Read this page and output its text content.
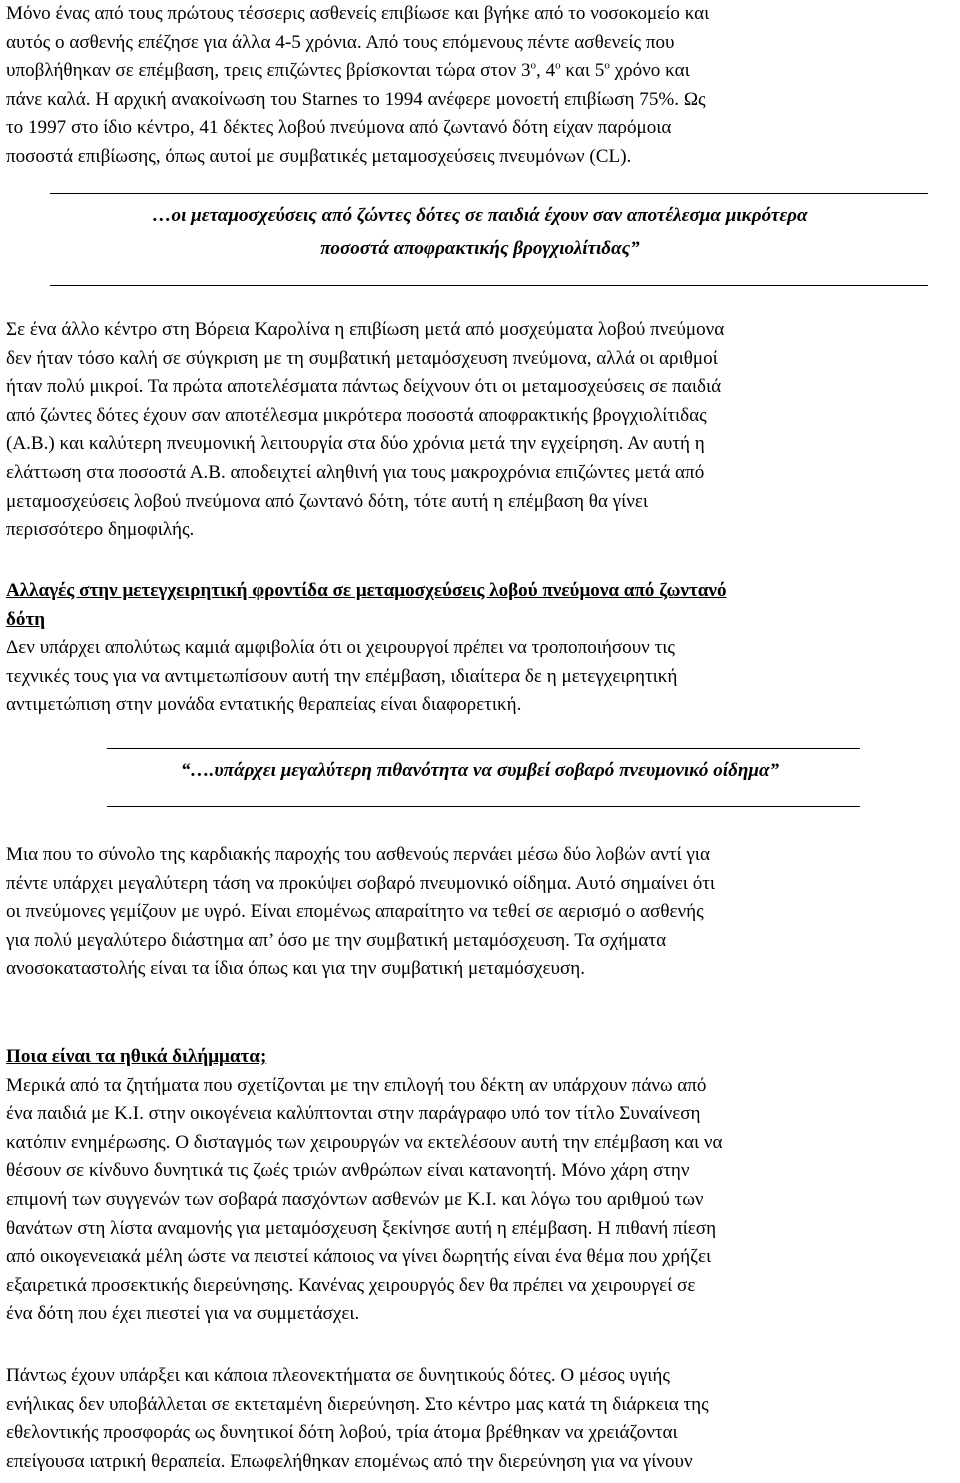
Μόνο ένας από τους πρώτους τέσσερις ασθενείς επιβίωσε και βγήκε από το νοσοκομείο και

αυτός ο ασθενής επέζησε για άλλα 4-5 χρόνια. Από τους επόμενους πέντε ασθενείς που

υποβλήθηκαν σε επέμβαση, τρεις επιζώντες βρίσκονται τώρα στον $3^o$, $4^o$ και $5^o$ χρόνο και

πάνε καλά. Η αρχική ανακοίνωση του Starnes το 1994 ανέφερε μονοετή επιβίωση 75%. Ως

το 1997 στο ίδιο κέντρο, 41 δέκτες λοβού πνεύμονα από ζωντανό δότη είχαν παρόμοια

ποσοστά επιβίωσης, όπως αυτοί με συμβατικές μεταμοσχεύσεις πνευμόνων (CL).

…οι μεταμοσχεύσεις από ζώντες δότες σε παιδιά έχουν σαν αποτέλεσμα μικρότερα

ποσοστά αποφρακτικής βρογχιολίτιδας”

Σε ένα άλλο κέντρο στη Βόρεια Καρολίνα η επιβίωση μετά από μοσχεύματα λοβού πνεύμονα

δεν ήταν τόσο καλή σε σύγκριση με τη συμβατική μεταμόσχευση πνεύμονα, αλλά οι αριθμοί

ήταν πολύ μικροί. Τα πρώτα αποτελέσματα πάντως δείχνουν ότι οι μεταμοσχεύσεις σε παιδιά

από ζώντες δότες έχουν σαν αποτέλεσμα μικρότερα ποσοστά αποφρακτικής βρογχιολίτιδας

(Α.Β.) και καλύτερη πνευμονική λειτουργία στα δύο χρόνια μετά την εγχείρηση. Αν αυτή η

ελάττωση στα ποσοστά Α.Β. αποδειχτεί αληθινή για τους μακροχρόνια επιζώντες μετά από

μεταμοσχεύσεις λοβού πνεύμονα από ζωντανό δότη, τότε αυτή η επέμβαση θα γίνει

περισσότερο δημοφιλής.

Αλλαγές στην μετεγχειρητική φροντίδα σε μεταμοσχεύσεις λοβού πνεύμονα από ζωντανό

δότη

Δεν υπάρχει απολύτως καμιά αμφιβολία ότι οι χειρουργοί πρέπει να τροποποιήσουν τις

τεχνικές τους για να αντιμετωπίσουν αυτή την επέμβαση, ιδιαίτερα δε η μετεγχειρητική

αντιμετώπιση στην μονάδα εντατικής θεραπείας είναι διαφορετική.

“….υπάρχει μεγαλύτερη πιθανότητα να συμβεί σοβαρό πνευμονικό οίδημα”

Μια που το σύνολο της καρδιακής παροχής του ασθενούς περνάει μέσω δύο λοβών αντί για

πέντε υπάρχει μεγαλύτερη τάση να προκύψει σοβαρό πνευμονικό οίδημα. Αυτό σημαίνει ότι

οι πνεύμονες γεμίζουν με υγρό. Είναι επομένως απαραίτητο να τεθεί σε αερισμό ο ασθενής

για πολύ μεγαλύτερο διάστημα απ’ όσο με την συμβατική μεταμόσχευση. Τα σχήματα

ανοσοκαταστολής είναι τα ίδια όπως και για την συμβατική μεταμόσχευση.

Ποια είναι τα ηθικά διλήμματα;

Μερικά από τα ζητήματα που σχετίζονται με την επιλογή του δέκτη αν υπάρχουν πάνω από

ένα παιδιά με Κ.Ι. στην οικογένεια καλύπτονται στην παράγραφο υπό τον τίτλο Συναίνεση

κατόπιν ενημέρωσης. Ο δισταγμός των χειρουργών να εκτελέσουν αυτή την επέμβαση και να

θέσουν σε κίνδυνο δυνητικά τις ζωές τριών ανθρώπων είναι κατανοητή. Μόνο χάρη στην

επιμονή των συγγενών των σοβαρά πασχόντων ασθενών με Κ.Ι. και λόγω του αριθμού των

θανάτων στη λίστα αναμονής για μεταμόσχευση ξεκίνησε αυτή η επέμβαση. Η πιθανή πίεση

από οικογενειακά μέλη ώστε να πειστεί κάποιος να γίνει δωρητής είναι ένα θέμα που χρήζει

εξαιρετικά προσεκτικής διερεύνησης. Κανένας χειρουργός δεν θα πρέπει να χειρουργεί σε

ένα δότη που έχει πιεστεί για να συμμετάσχει.

Πάντως έχουν υπάρξει και κάποια πλεονεκτήματα σε δυνητικούς δότες. Ο μέσος υγιής

ενήλικας δεν υποβάλλεται σε εκτεταμένη διερεύνηση. Στο κέντρο μας κατά τη διάρκεια της

εθελοντικής προσφοράς ως δυνητικοί δότη λοβού, τρία άτομα βρέθηκαν να χρειάζονται

επείγουσα ιατρική θεραπεία. Επωφελήθηκαν επομένως από την διερεύνηση για να γίνουν
